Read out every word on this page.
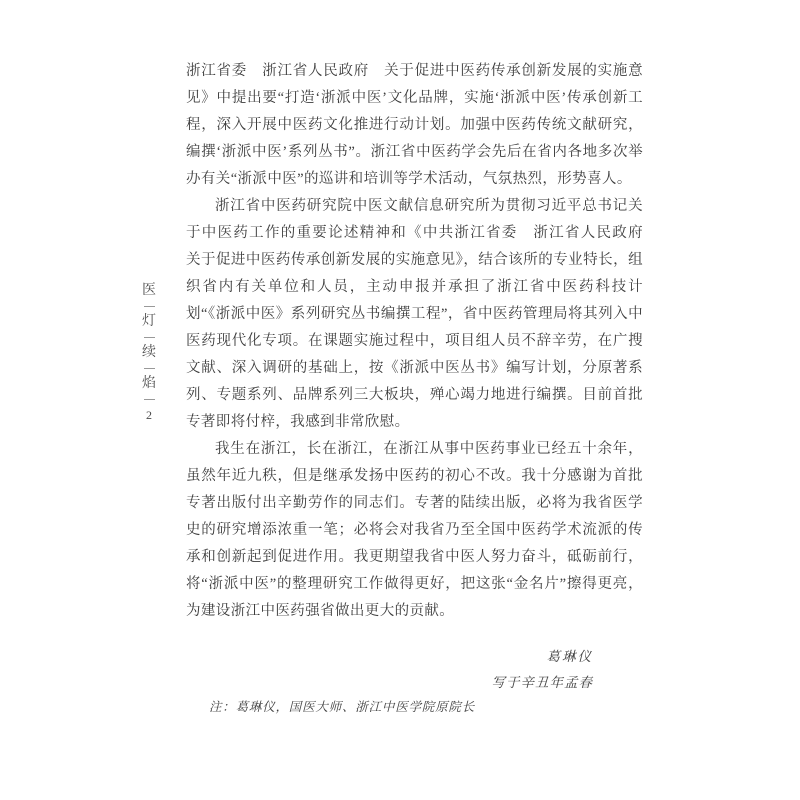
医
灯
续
焰
2

浙江省委　浙江省人民政府　关于促进中医药传承创新发展的实施意见》中提出要“打造‘浙派中医’文化品牌，实施‘浙派中医’传承创新工程，深入开展中医药文化推进行动计划。加强中医药传统文献研究，编撰‘浙派中医’系列丛书”。浙江省中医药学会先后在省内各地多次举办有关“浙派中医”的巡讲和培训等学术活动，气氛热烈，形势喜人。

浙江省中医药研究院中医文献信息研究所为贯彻习近平总书记关于中医药工作的重要论述精神和《中共浙江省委　浙江省人民政府　关于促进中医药传承创新发展的实施意见》，结合该所的专业特长，组织省内有关单位和人员，主动申报并承担了浙江省中医药科技计划“《浙派中医》系列研究丛书编撰工程”，省中医药管理局将其列入中医药现代化专项。在课题实施过程中，项目组人员不辞辛劳，在广搜文献、深入调研的基础上，按《浙派中医丛书》编写计划，分原著系列、专题系列、品牌系列三大板块，殚心竭力地进行编撰。目前首批专著即将付梓，我感到非常欣慰。

我生在浙江，长在浙江，在浙江从事中医药事业已经五十余年，虽然年近九秩，但是继承发扬中医药的初心不改。我十分感谢为首批专著出版付出辛勤劳作的同志们。专著的陆续出版，必将为我省医学史的研究增添浓重一笔；必将会对我省乃至全国中医药学术流派的传承和创新起到促进作用。我更期望我省中医人努力奋斗，砥砺前行，将“浙派中医”的整理研究工作做得更好，把这张“金名片”擦得更亮，为建设浙江中医药强省做出更大的贡献。

葛琳仪
写于辛丑年孟春
注：葛琳仪，国医大师、浙江中医学院原院长
